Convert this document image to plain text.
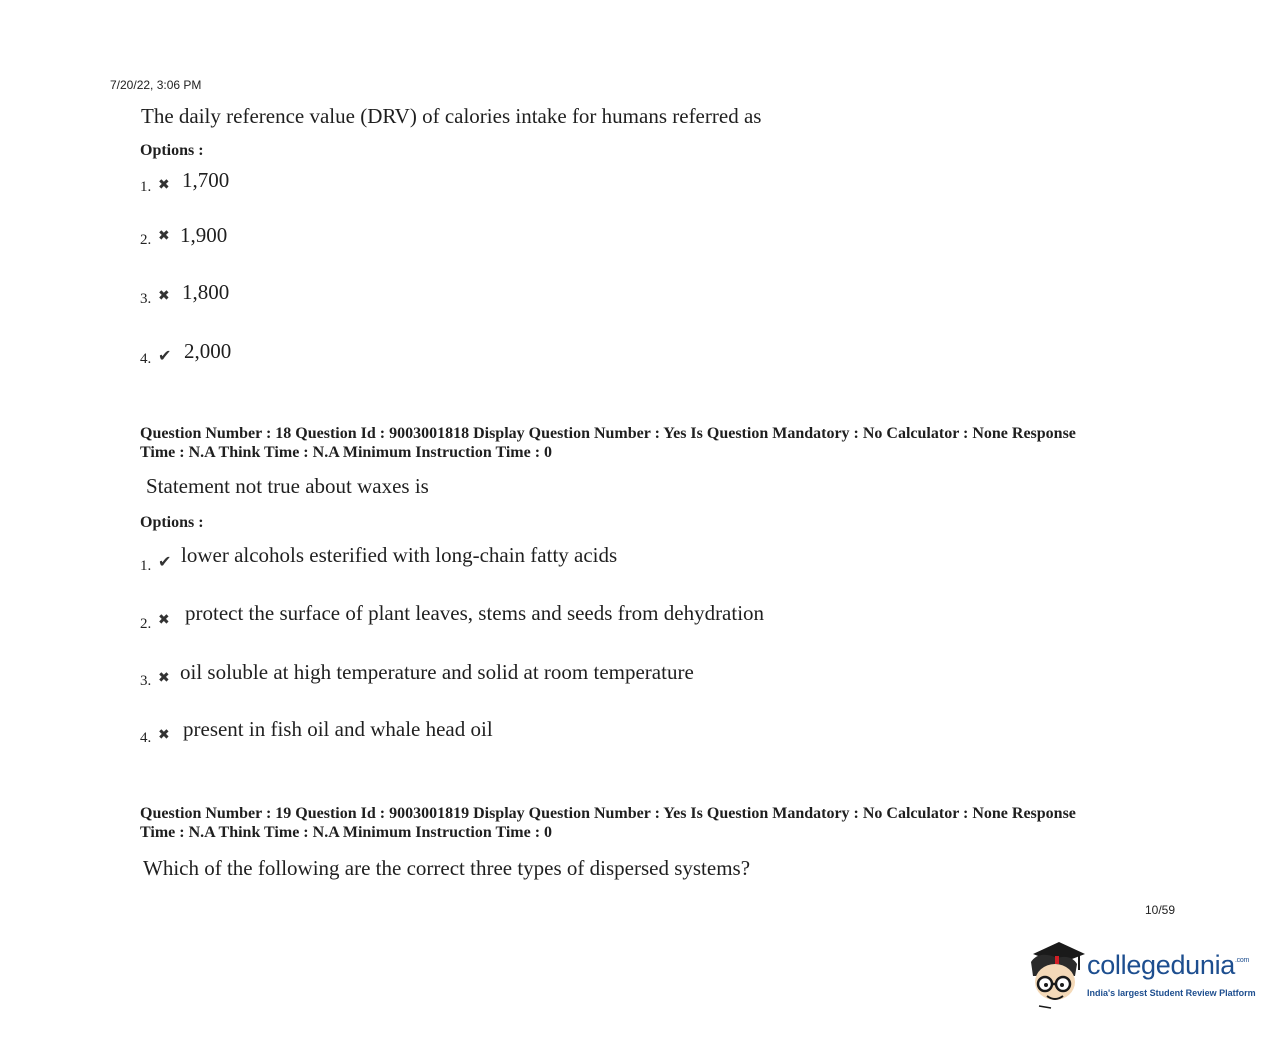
7/20/22, 3:06 PM
The daily reference value (DRV) of calories intake for humans referred as
Options :
1. ✖ 1,700
2. ✖ 1,900
3. ✖ 1,800
4. ✔ 2,000
Question Number : 18 Question Id : 9003001818 Display Question Number : Yes Is Question Mandatory : No Calculator : None Response
Time : N.A Think Time : N.A Minimum Instruction Time : 0
Statement not true about waxes is
Options :
1. ✔ lower alcohols esterified with long-chain fatty acids
2. ✖ protect the surface of plant leaves, stems and seeds from dehydration
3. ✖ oil soluble at high temperature and solid at room temperature
4. ✖ present in fish oil and whale head oil
Question Number : 19 Question Id : 9003001819 Display Question Number : Yes Is Question Mandatory : No Calculator : None Response
Time : N.A Think Time : N.A Minimum Instruction Time : 0
Which of the following are the correct three types of dispersed systems?
10/59
collegedunia$^{.com}$
India's largest Student Review Platform
